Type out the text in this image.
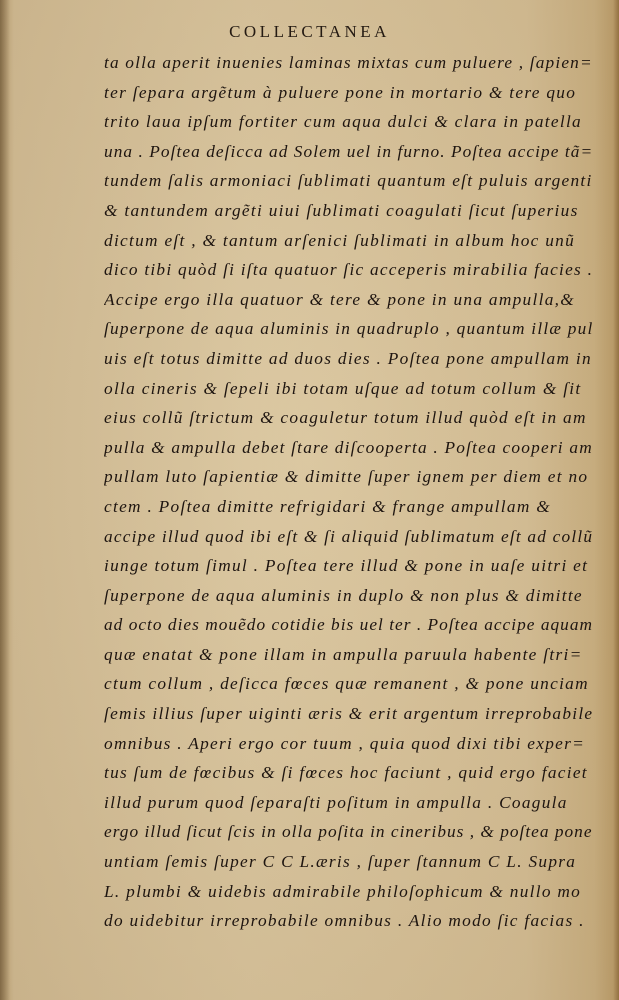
COLLECTANEA
ta olla aperit inuenies laminas mixtas cum puluere , ſapien=
ter ſepara argẽtum à puluere pone in mortario & tere quo
trito laua ipſum fortiter cum aqua dulci & clara in patella
una . Poſtea deſicca ad Solem uel in furno. Poſtea accipe tã=
tundem ſalis armoniaci ſublimati quantum eſt puluis argenti
& tantundem argẽti uiui ſublimati coagulati ſicut ſuperius
dictum eſt , & tantum arſenici ſublimati in album hoc unũ
dico tibi quòd ſi iſta quatuor ſic acceperis mirabilia facies .
Accipe ergo illa quatuor & tere & pone in una ampulla,&
ſuperpone de aqua aluminis in quadruplo , quantum illæ pul
uis eſt totus dimitte ad duos dies . Poſtea pone ampullam in
olla cineris & ſepeli ibi totam uſque ad totum collum & ſit
eius collũ ſtrictum & coaguletur totum illud quòd eſt in am
pulla & ampulla debet ſtare diſcooperta . Poſtea cooperi am
pullam luto ſapientiæ & dimitte ſuper ignem per diem et no
ctem . Poſtea dimitte refrigidari & frange ampullam &
accipe illud quod ibi eſt & ſi aliquid ſublimatum eſt ad collũ
iunge totum ſimul . Poſtea tere illud & pone in uaſe uitri et
ſuperpone de aqua aluminis in duplo & non plus & dimitte
ad octo dies mouẽdo cotidie bis uel ter . Poſtea accipe aquam
quæ enatat & pone illam in ampulla paruula habente ſtri=
ctum collum , deſicca fœces quæ remanent , & pone unciam
ſemis illius ſuper uiginti æris & erit argentum irreprobabile
omnibus . Aperi ergo cor tuum , quia quod dixi tibi exper=
tus ſum de fœcibus & ſi fœces hoc faciunt , quid ergo faciet
illud purum quod ſeparaſti poſitum in ampulla . Coagula
ergo illud ſicut ſcis in olla poſita in cineribus , & poſtea pone
untiam ſemis ſuper C C L.æris , ſuper ſtannum C L. Supra
L. plumbi & uidebis admirabile philoſophicum & nullo mo
do uidebitur irreprobabile omnibus . Alio modo ſic facias .
